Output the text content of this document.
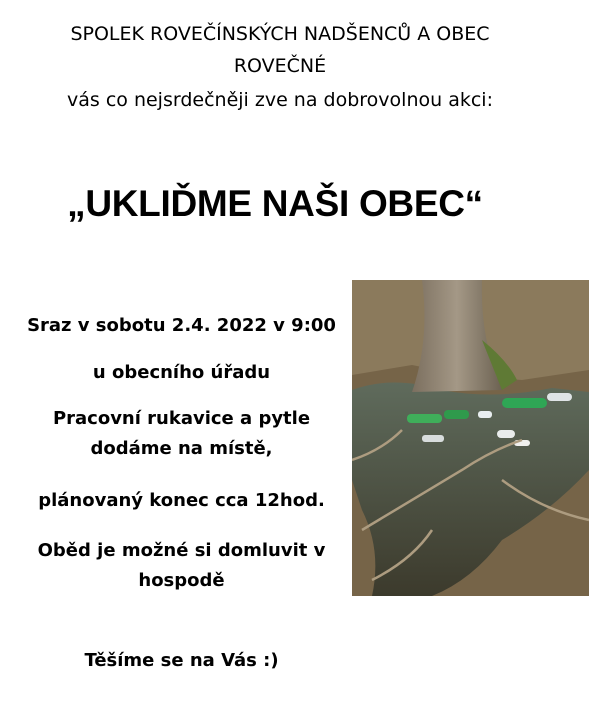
SPOLEK ROVEČÍNSKÝCH NADŠENCŮ A OBEC
ROVEČNÉ
vás co nejsrdečněji zve na dobrovolnou akci:
„UKLIĎME NAŠI OBEC“
Sraz v sobotu 2.4. 2022 v 9:00
u obecního úřadu
Pracovní rukavice a pytle
dodáme na místě,
plánovaný konec cca 12hod.
Oběd je možné si domluvit v
hospodě
Těšíme se na Vás :)
